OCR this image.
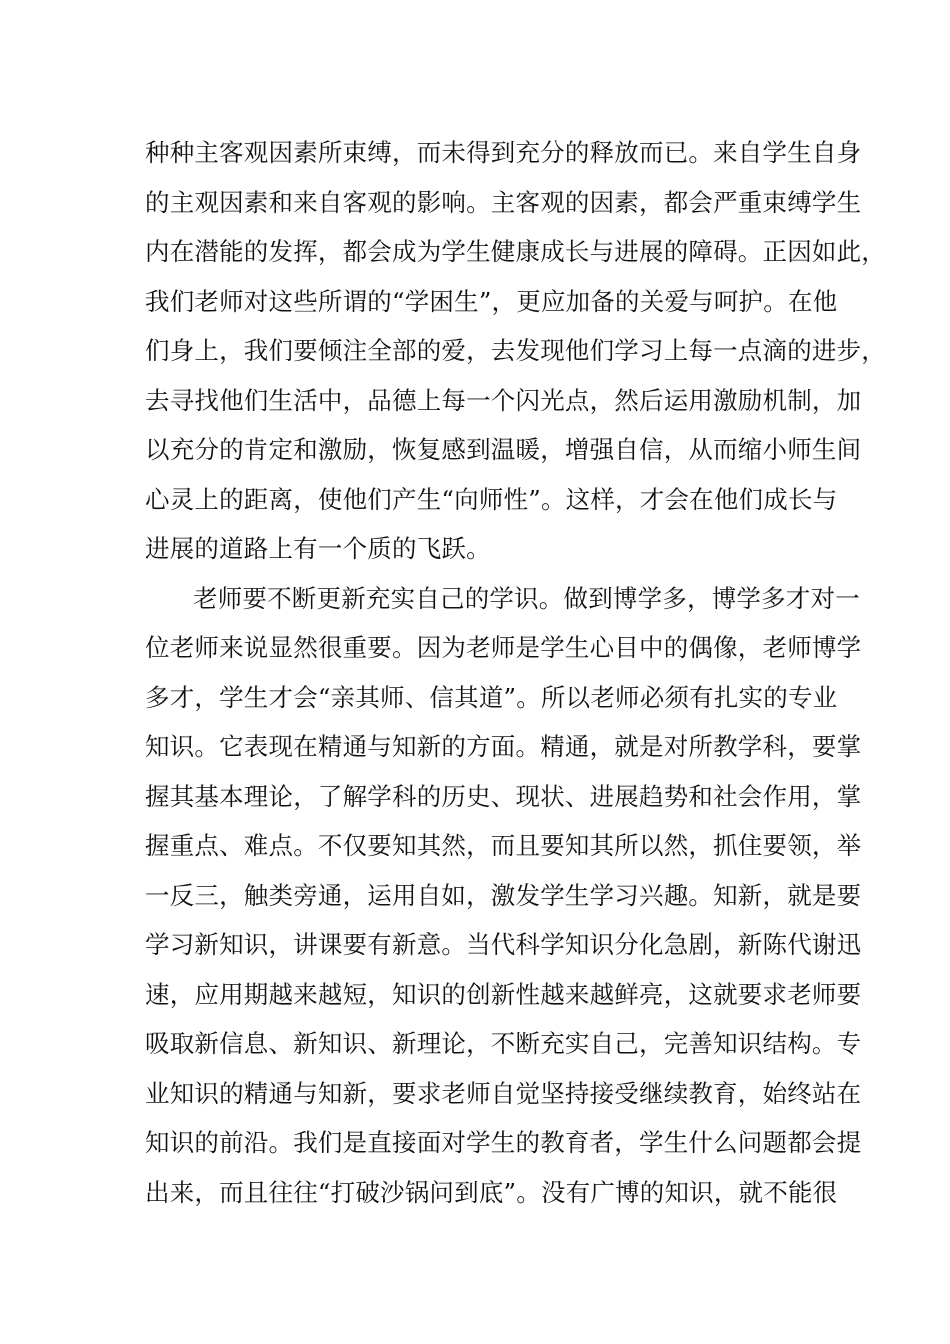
种种主客观因素所束缚，而未得到充分的释放而已。来自学生自身
的主观因素和来自客观的影响。主客观的因素，都会严重束缚学生
内在潜能的发挥，都会成为学生健康成长与进展的障碍。正因如此，
我们老师对这些所谓的“学困生”，更应加备的关爱与呵护。在他
们身上，我们要倾注全部的爱，去发现他们学习上每一点滴的进步，
去寻找他们生活中，品德上每一个闪光点，然后运用激励机制，加
以充分的肯定和激励，恢复感到温暖，增强自信，从而缩小师生间
心灵上的距离，使他们产生“向师性”。这样，才会在他们成长与
进展的道路上有一个质的飞跃。
老师要不断更新充实自己的学识。做到博学多，博学多才对一
位老师来说显然很重要。因为老师是学生心目中的偶像，老师博学
多才，学生才会“亲其师、信其道”。所以老师必须有扎实的专业
知识。它表现在精通与知新的方面。精通，就是对所教学科，要掌
握其基本理论，了解学科的历史、现状、进展趋势和社会作用，掌
握重点、难点。不仅要知其然，而且要知其所以然，抓住要领，举
一反三，触类旁通，运用自如，激发学生学习兴趣。知新，就是要
学习新知识，讲课要有新意。当代科学知识分化急剧，新陈代谢迅
速，应用期越来越短，知识的创新性越来越鲜亮，这就要求老师要
吸取新信息、新知识、新理论，不断充实自己，完善知识结构。专
业知识的精通与知新，要求老师自觉坚持接受继续教育，始终站在
知识的前沿。我们是直接面对学生的教育者，学生什么问题都会提
出来，而且往往“打破沙锅问到底”。没有广博的知识，就不能很
